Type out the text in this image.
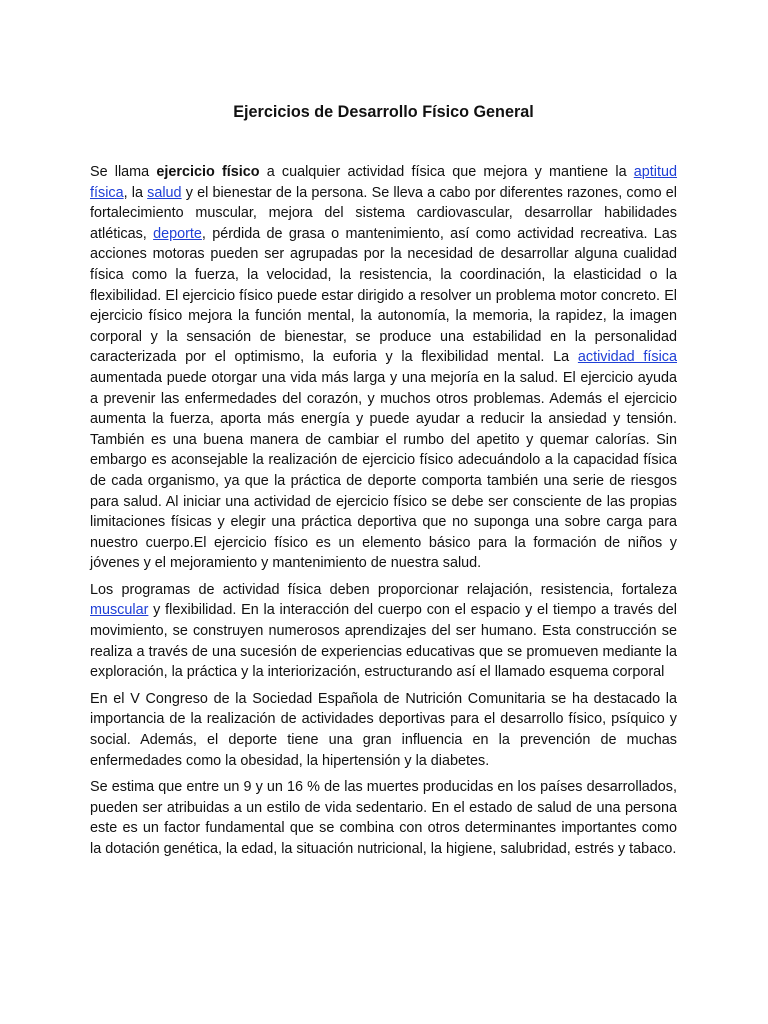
Ejercicios de Desarrollo Físico General

Se llama ejercicio físico a cualquier actividad física que mejora y mantiene la aptitud física, la salud y el bienestar de la persona. Se lleva a cabo por diferentes razones, como el fortalecimiento muscular, mejora del sistema cardiovascular, desarrollar habilidades atléticas, deporte, pérdida de grasa o mantenimiento, así como actividad recreativa. Las acciones motoras pueden ser agrupadas por la necesidad de desarrollar alguna cualidad física como la fuerza, la velocidad, la resistencia, la coordinación, la elasticidad o la flexibilidad. El ejercicio físico puede estar dirigido a resolver un problema motor concreto. El ejercicio físico mejora la función mental, la autonomía, la memoria, la rapidez, la imagen corporal y la sensación de bienestar, se produce una estabilidad en la personalidad caracterizada por el optimismo, la euforia y la flexibilidad mental. La actividad física aumentada puede otorgar una vida más larga y una mejoría en la salud. El ejercicio ayuda a prevenir las enfermedades del corazón, y muchos otros problemas. Además el ejercicio aumenta la fuerza, aporta más energía y puede ayudar a reducir la ansiedad y tensión. También es una buena manera de cambiar el rumbo del apetito y quemar calorías. Sin embargo es aconsejable la realización de ejercicio físico adecuándolo a la capacidad física de cada organismo, ya que la práctica de deporte comporta también una serie de riesgos para salud. Al iniciar una actividad de ejercicio físico se debe ser consciente de las propias limitaciones físicas y elegir una práctica deportiva que no suponga una sobre carga para nuestro cuerpo.El ejercicio físico es un elemento básico para la formación de niños y jóvenes y el mejoramiento y mantenimiento de nuestra salud.

Los programas de actividad física deben proporcionar relajación, resistencia, fortaleza muscular y flexibilidad. En la interacción del cuerpo con el espacio y el tiempo a través del movimiento, se construyen numerosos aprendizajes del ser humano. Esta construcción se realiza a través de una sucesión de experiencias educativas que se promueven mediante la exploración, la práctica y la interiorización, estructurando así el llamado esquema corporal

En el V Congreso de la Sociedad Española de Nutrición Comunitaria se ha destacado la importancia de la realización de actividades deportivas para el desarrollo físico, psíquico y social. Además, el deporte tiene una gran influencia en la prevención de muchas enfermedades como la obesidad, la hipertensión y la diabetes.

Se estima que entre un 9 y un 16 % de las muertes producidas en los países desarrollados, pueden ser atribuidas a un estilo de vida sedentario. En el estado de salud de una persona este es un factor fundamental que se combina con otros determinantes importantes como la dotación genética, la edad, la situación nutricional, la higiene, salubridad, estrés y tabaco.
